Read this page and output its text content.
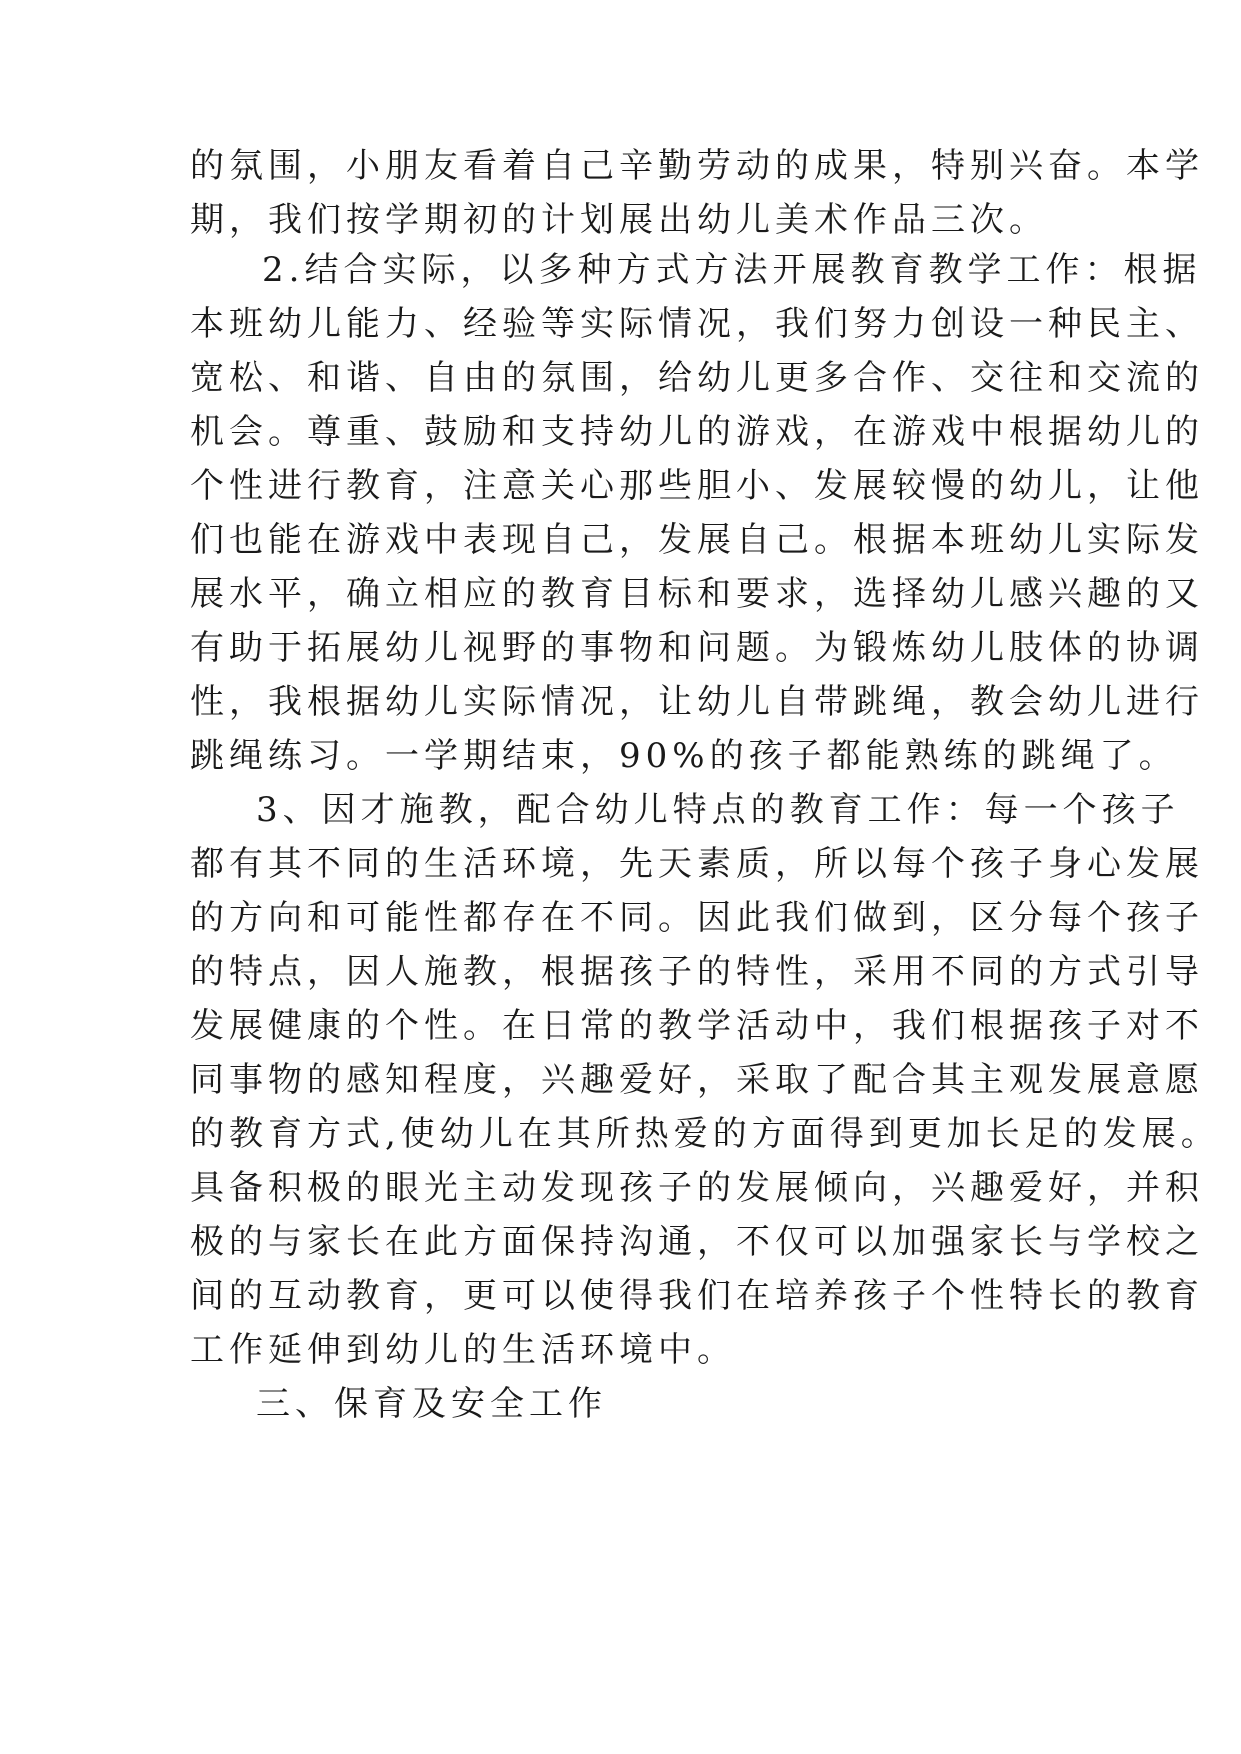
的氛围，小朋友看着自己辛勤劳动的成果，特别兴奋。本学
期，我们按学期初的计划展出幼儿美术作品三次。
2.结合实际，以多种方式方法开展教育教学工作：根据
本班幼儿能力、经验等实际情况，我们努力创设一种民主、
宽松、和谐、自由的氛围，给幼儿更多合作、交往和交流的
机会。尊重、鼓励和支持幼儿的游戏，在游戏中根据幼儿的
个性进行教育，注意关心那些胆小、发展较慢的幼儿，让他
们也能在游戏中表现自己，发展自己。根据本班幼儿实际发
展水平，确立相应的教育目标和要求，选择幼儿感兴趣的又
有助于拓展幼儿视野的事物和问题。为锻炼幼儿肢体的协调
性，我根据幼儿实际情况，让幼儿自带跳绳，教会幼儿进行
跳绳练习。一学期结束，90%的孩子都能熟练的跳绳了。
3、因才施教，配合幼儿特点的教育工作：每一个孩子
都有其不同的生活环境，先天素质，所以每个孩子身心发展
的方向和可能性都存在不同。因此我们做到，区分每个孩子
的特点，因人施教，根据孩子的特性，采用不同的方式引导
发展健康的个性。在日常的教学活动中，我们根据孩子对不
同事物的感知程度，兴趣爱好，采取了配合其主观发展意愿
的教育方式,使幼儿在其所热爱的方面得到更加长足的发展。
具备积极的眼光主动发现孩子的发展倾向，兴趣爱好，并积
极的与家长在此方面保持沟通，不仅可以加强家长与学校之
间的互动教育，更可以使得我们在培养孩子个性特长的教育
工作延伸到幼儿的生活环境中。
三、保育及安全工作
